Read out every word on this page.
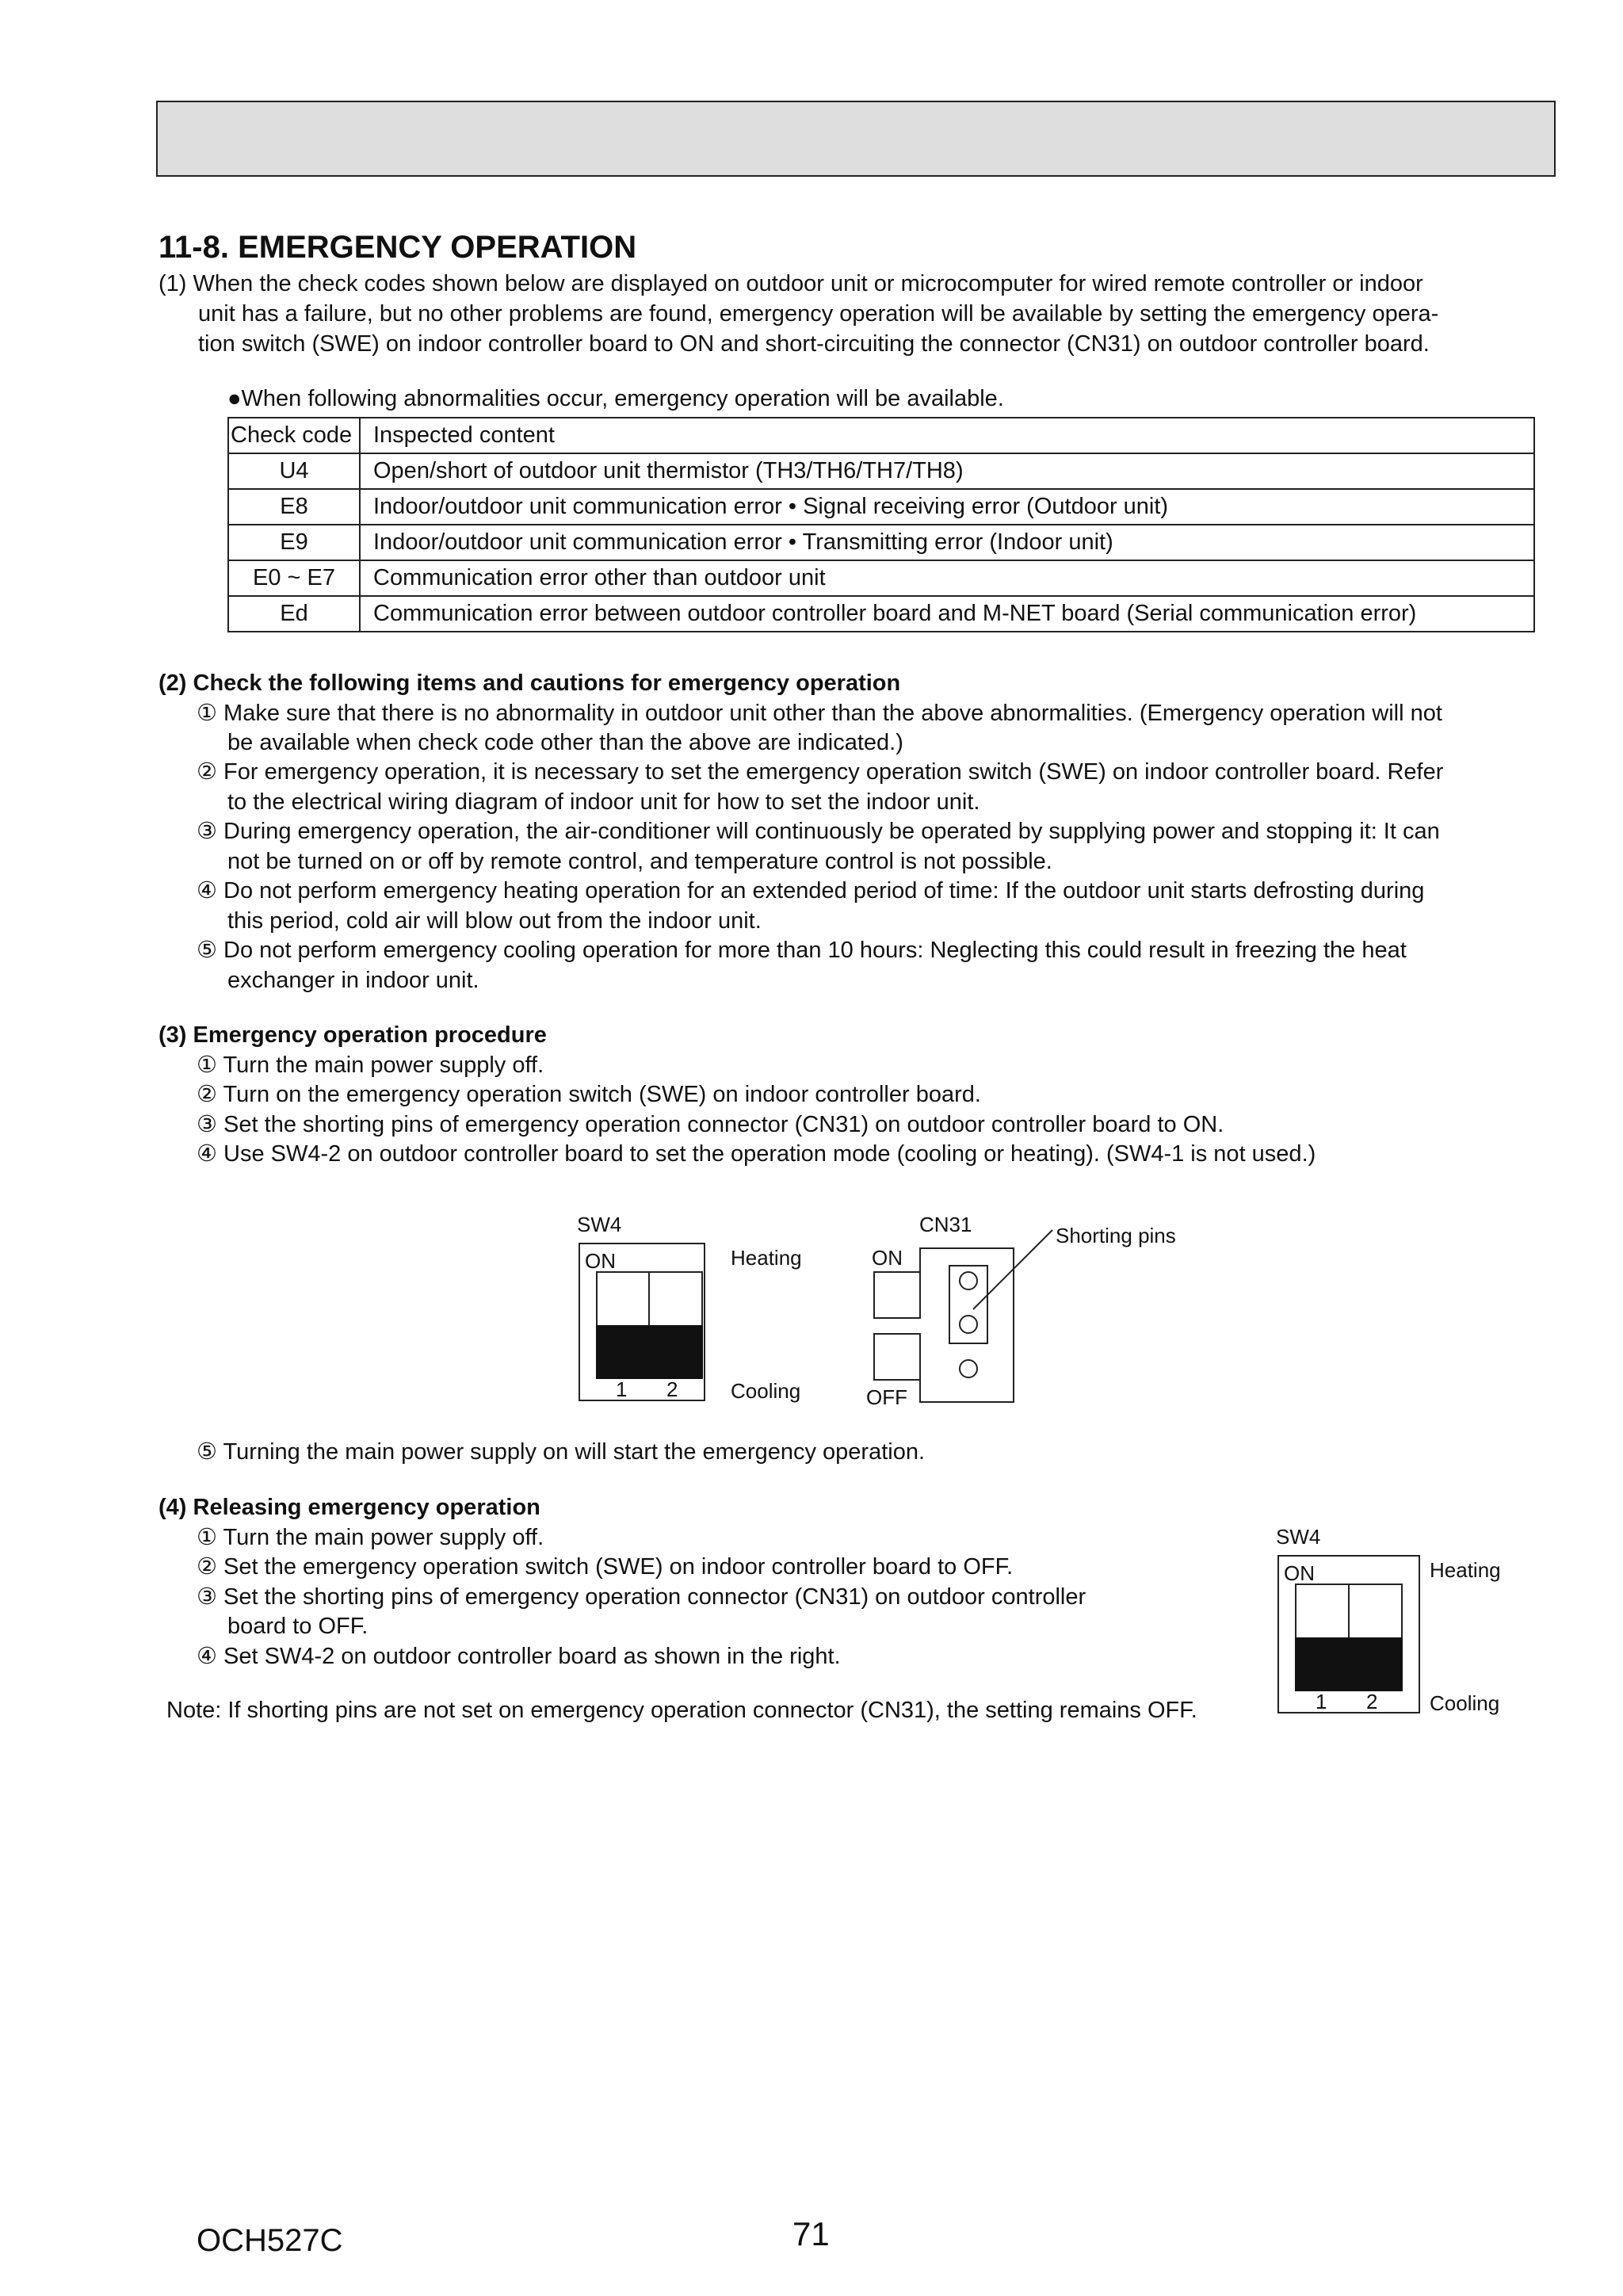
11-8. EMERGENCY OPERATION
(1) When the check codes shown below are displayed on outdoor unit or microcomputer for wired remote controller or indoor
unit has a failure, but no other problems are found, emergency operation will be available by setting the emergency opera-
tion switch (SWE) on indoor controller board to ON and short-circuiting the connector (CN31) on outdoor controller board.
●When following abnormalities occur, emergency operation will be available.
Check code	Inspected content
U4	Open/short of outdoor unit thermistor (TH3/TH6/TH7/TH8)
E8	Indoor/outdoor unit communication error • Signal receiving error (Outdoor unit)
E9	Indoor/outdoor unit communication error • Transmitting error (Indoor unit)
E0 ~ E7	Communication error other than outdoor unit
Ed	Communication error between outdoor controller board and M-NET board (Serial communication error)
(2) Check the following items and cautions for emergency operation
① Make sure that there is no abnormality in outdoor unit other than the above abnormalities. (Emergency operation will not
be available when check code other than the above are indicated.)
② For emergency operation, it is necessary to set the emergency operation switch (SWE) on indoor controller board. Refer
to the electrical wiring diagram of indoor unit for how to set the indoor unit.
③ During emergency operation, the air-conditioner will continuously be operated by supplying power and stopping it: It can
not be turned on or off by remote control, and temperature control is not possible.
④ Do not perform emergency heating operation for an extended period of time: If the outdoor unit starts defrosting during
this period, cold air will blow out from the indoor unit.
⑤ Do not perform emergency cooling operation for more than 10 hours: Neglecting this could result in freezing the heat
exchanger in indoor unit.
(3) Emergency operation procedure
① Turn the main power supply off.
② Turn on the emergency operation switch (SWE) on indoor controller board.
③ Set the shorting pins of emergency operation connector (CN31) on outdoor controller board to ON.
④ Use SW4-2 on outdoor controller board to set the operation mode (cooling or heating). (SW4-1 is not used.)
SW4
ON
1 2
Heating
Cooling
CN31
ON
OFF
Shorting pins
⑤ Turning the main power supply on will start the emergency operation.
(4) Releasing emergency operation
① Turn the main power supply off.
② Set the emergency operation switch (SWE) on indoor controller board to OFF.
③ Set the shorting pins of emergency operation connector (CN31) on outdoor controller
board to OFF.
④ Set SW4-2 on outdoor controller board as shown in the right.
Note: If shorting pins are not set on emergency operation connector (CN31), the setting remains OFF.
SW4
ON
1 2
Heating
Cooling
OCH527C	71
